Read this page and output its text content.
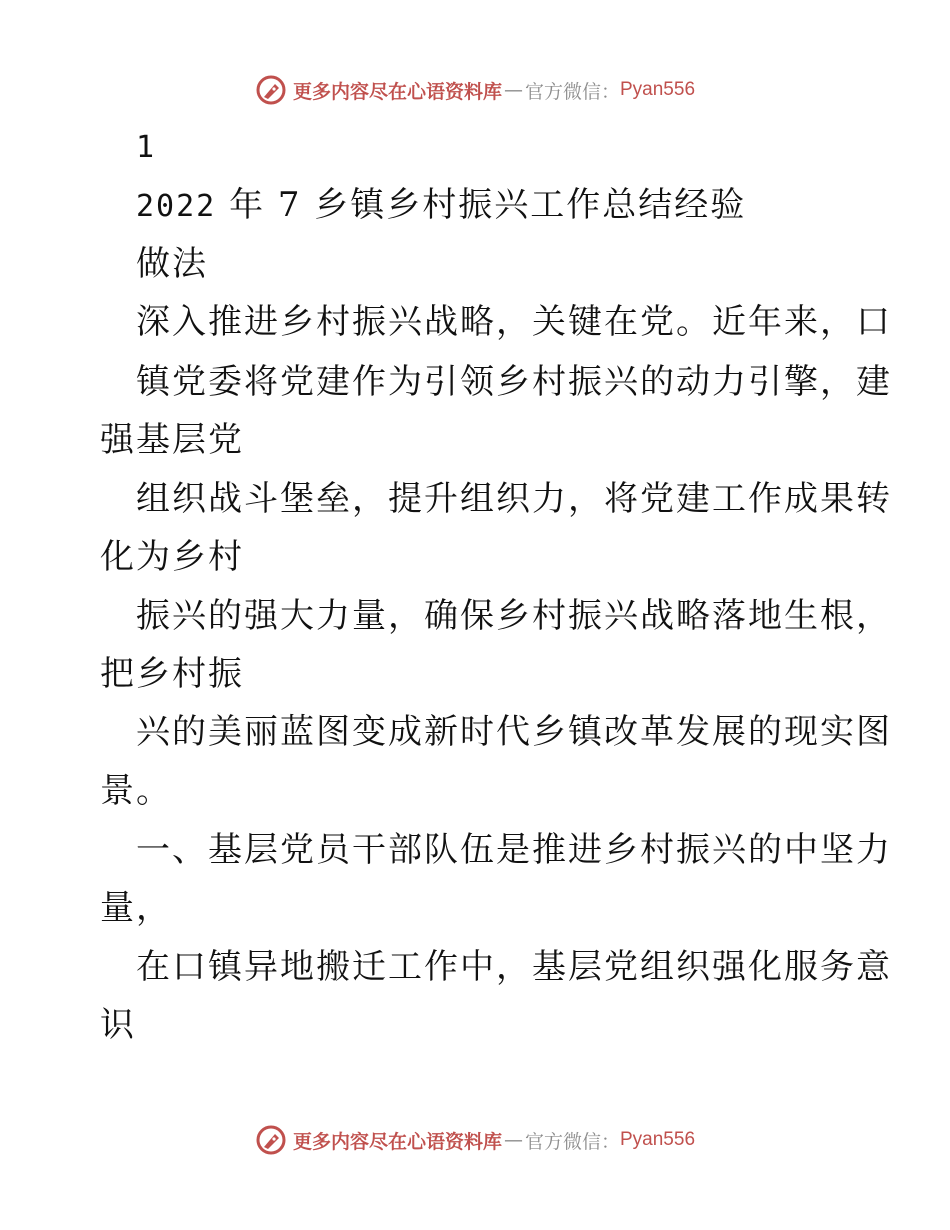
更多内容尽在心语资料库 — 官方微信： Pyan556
1
2022 年 7 乡镇乡村振兴工作总结经验
做法
深入推进乡村振兴战略，关键在党。近年来，口
镇党委将党建作为引领乡村振兴的动力引擎，建
强基层党
组织战斗堡垒，提升组织力，将党建工作成果转
化为乡村
振兴的强大力量，确保乡村振兴战略落地生根，
把乡村振
兴的美丽蓝图变成新时代乡镇改革发展的现实图
景。
一、基层党员干部队伍是推进乡村振兴的中坚力
量，
在口镇异地搬迁工作中，基层党组织强化服务意
识
更多内容尽在心语资料库 — 官方微信： Pyan556
